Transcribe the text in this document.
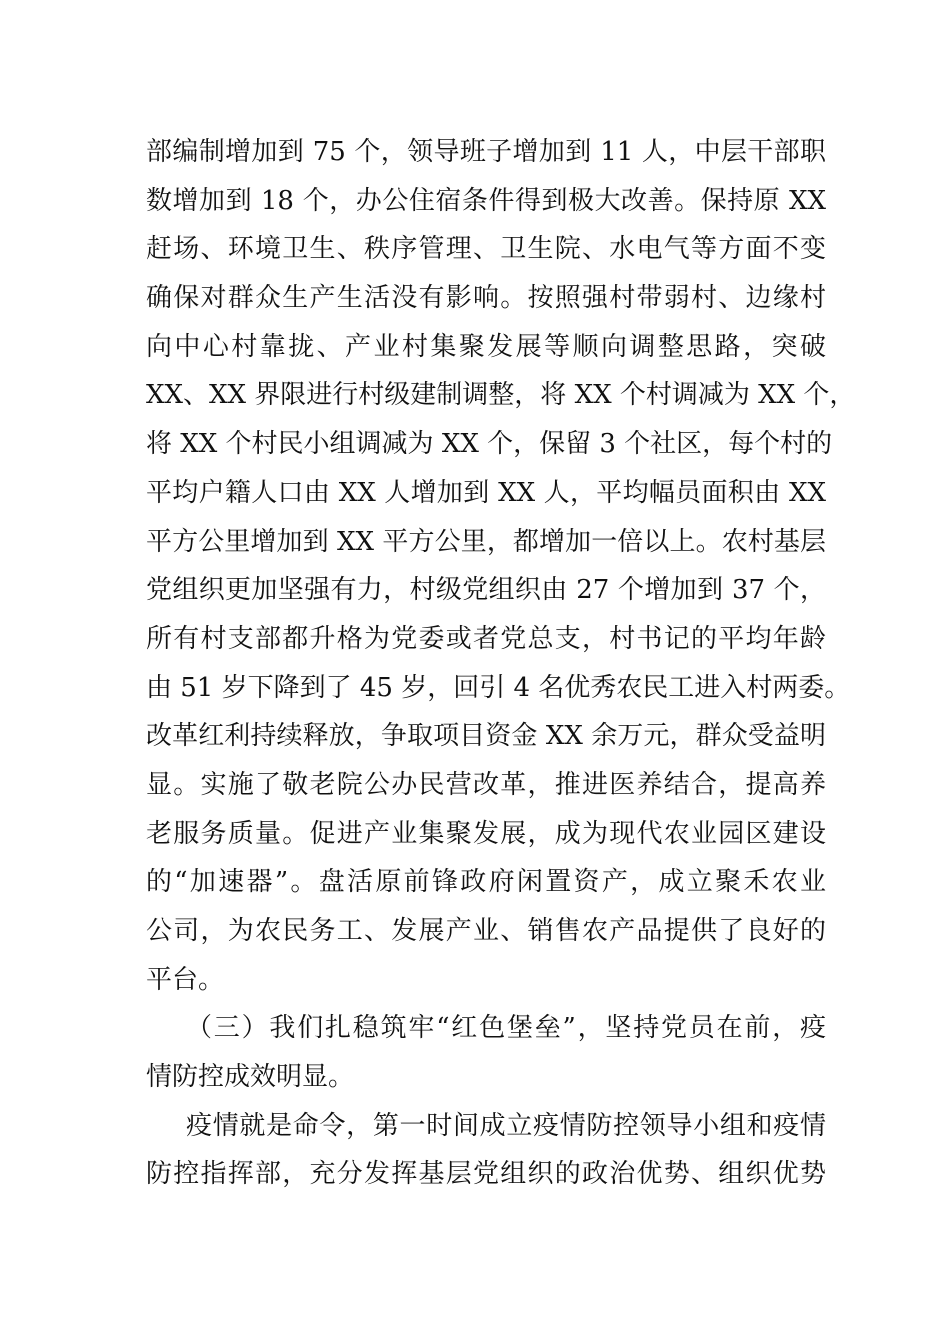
部编制增加到 75 个，领导班子增加到 11 人，中层干部职
数增加到 18 个，办公住宿条件得到极大改善。保持原 XX
赶场、环境卫生、秩序管理、卫生院、水电气等方面不变
确保对群众生产生活没有影响。按照强村带弱村、边缘村
向中心村靠拢、产业村集聚发展等顺向调整思路，突破
XX、XX 界限进行村级建制调整，将 XX 个村调减为 XX 个，
将 XX 个村民小组调减为 XX 个，保留 3 个社区，每个村的
平均户籍人口由 XX 人增加到 XX 人，平均幅员面积由 XX
平方公里增加到 XX 平方公里，都增加一倍以上。农村基层
党组织更加坚强有力，村级党组织由 27 个增加到 37 个，
所有村支部都升格为党委或者党总支，村书记的平均年龄
由 51 岁下降到了 45 岁，回引 4 名优秀农民工进入村两委。
改革红利持续释放，争取项目资金 XX 余万元，群众受益明
显。实施了敬老院公办民营改革，推进医养结合，提高养
老服务质量。促进产业集聚发展，成为现代农业园区建设
的“加速器”。盘活原前锋政府闲置资产，成立聚禾农业
公司，为农民务工、发展产业、销售农产品提供了良好的
平台。
（三）我们扎稳筑牢“红色堡垒”，坚持党员在前，疫
情防控成效明显。
疫情就是命令，第一时间成立疫情防控领导小组和疫情
防控指挥部，充分发挥基层党组织的政治优势、组织优势
